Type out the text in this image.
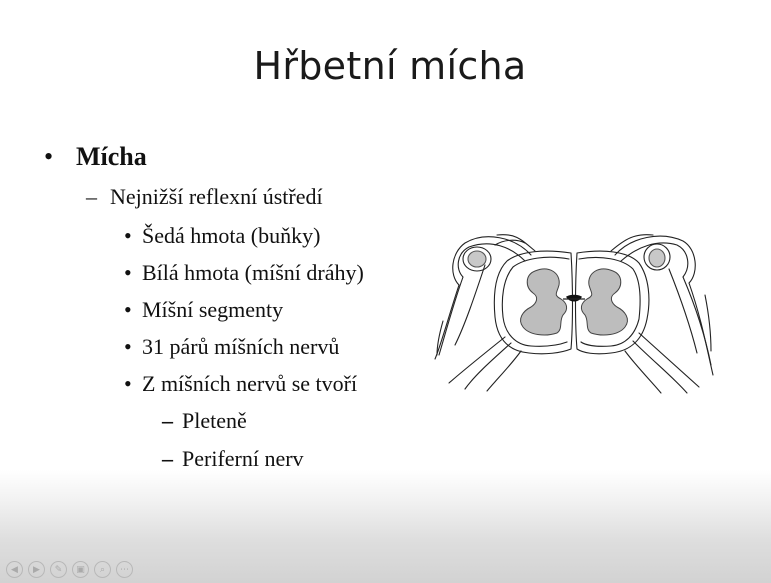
Hřbetní mícha
• Mícha
– Nejnižší reflexní ústředí
• Šedá hmota (buňky)
• Bílá hmota (míšní dráhy)
• Míšní segmenty
• 31 párů míšních nervů
• Z míšních nervů se tvoří
– Pleteně
– Periferní nerv
◀	▶	✎	▣	⌕	⋯
